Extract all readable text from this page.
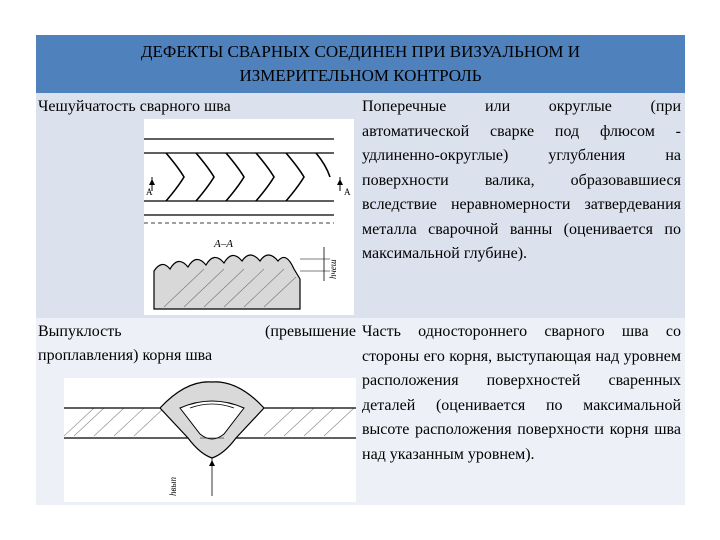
ДЕФЕКТЫ СВАРНЫХ СОЕДИНЕН ПРИ ВИЗУАЛЬНОМ И
ИЗМЕРИТЕЛЬНОМ КОНТРОЛЬ
Чешуйчатость сварного шва
А	А
А–А
hчеш
Поперечные или округлые (при автоматической сварке под флюсом - удлиненно-округлые) углубления на поверхности валика, образовавшиеся вследствие неравномерности затвердевания металла сварочной ванны (оценивается по максимальной глубине).
Выпуклость	(превышение
проплавления) корня шва
hвып
Часть одностороннего сварного шва со стороны его корня, выступающая над уровнем расположения поверхностей сваренных деталей (оценивается по максимальной высоте расположения поверхности корня шва над указанным уровнем).
